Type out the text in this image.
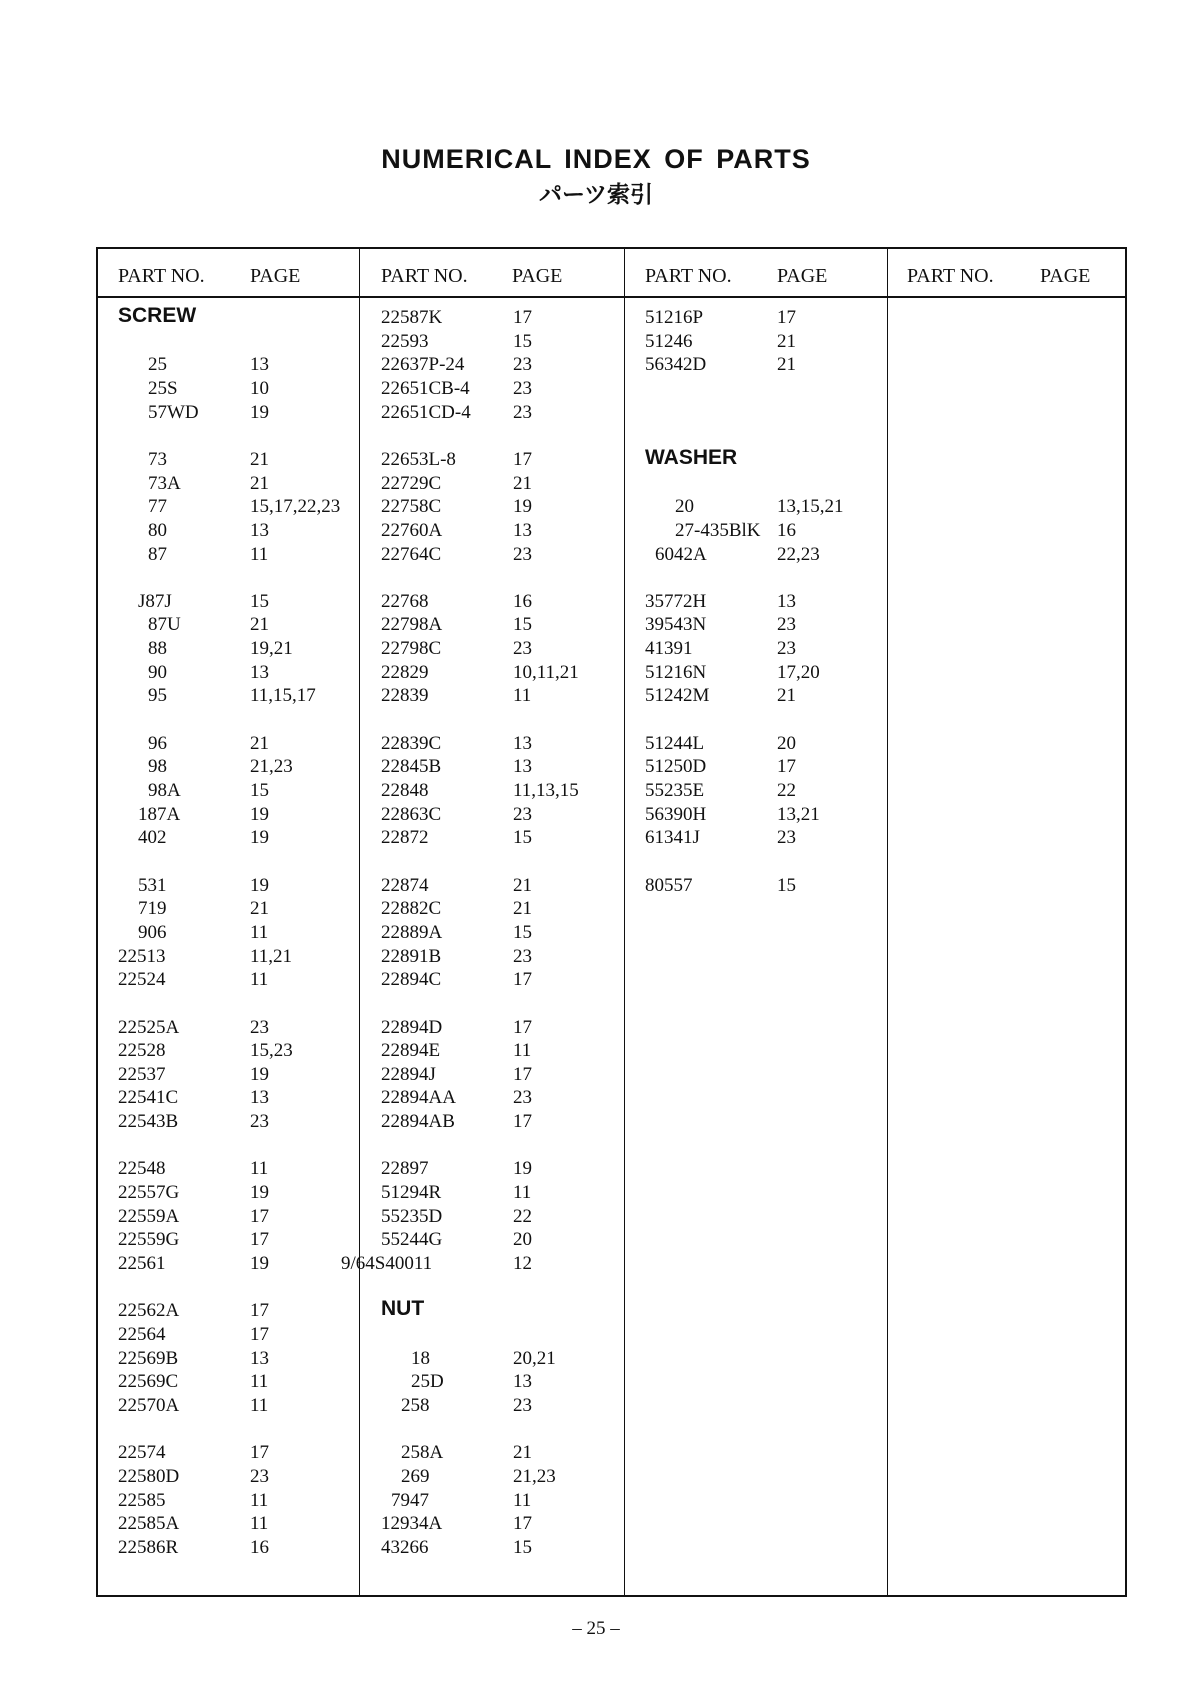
NUMERICAL INDEX OF PARTS
パーツ索引
PART NO. PAGE	PART NO. PAGE	PART NO. PAGE	PART NO. PAGE
SCREW
25	13
25S	10
57WD	19
73	21
73A	21
77	15,17,22,23
80	13
87	11
J87J	15
87U	21
88	19,21
90	13
95	11,15,17
96	21
98	21,23
98A	15
187A	19
402	19
531	19
719	21
906	11
22513	11,21
22524	11
22525A	23
22528	15,23
22537	19
22541C	13
22543B	23
22548	11
22557G	19
22559A	17
22559G	17
22561	19
22562A	17
22564	17
22569B	13
22569C	11
22570A	11
22574	17
22580D	23
22585	11
22585A	11
22586R	16
22587K	17
22593	15
22637P-24	23
22651CB-4 23
22651CD-4 23
22653L-8	17
22729C	21
22758C	19
22760A	13
22764C	23
22768	16
22798A	15
22798C	23
22829	10,11,21
22839	11
22839C	13
22845B	13
22848	11,13,15
22863C	23
22872	15
22874	21
22882C	21
22889A	15
22891B	23
22894C	17
22894D	17
22894E	11
22894J	17
22894AA	23
22894AB	17
22897	19
51294R	11
55235D	22
55244G	20
9/64S40011	12
NUT
18	20,21
25D	13
258	23
258A	21
269	21,23
7947	11
12934A	17
43266	15
51216P	17
51246	21
56342D	21
WASHER
20	13,15,21
27-435BlK 16
6042A	22,23
35772H	13
39543N	23
41391	23
51216N	17,20
51242M	21
51244L	20
51250D	17
55235E	22
56390H	13,21
61341J	23
80557	15
– 25 –
